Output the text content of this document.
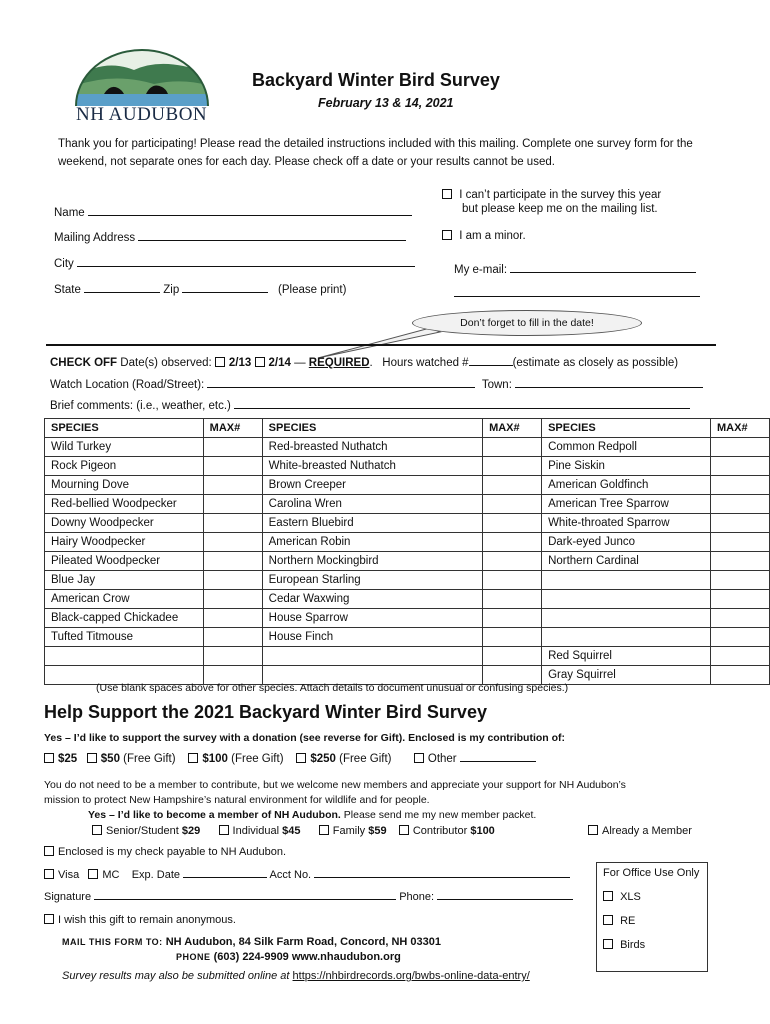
NH AUDUBON
Backyard Winter Bird Survey
February 13 & 14, 2021
Thank you for participating! Please read the detailed instructions included with this mailing. Complete one survey form for the weekend, not separate ones for each day. Please check off a date or your results cannot be used.
Name
Mailing Address
City
State	Zip	(Please print)
I can’t participate in the survey this year
but please keep me on the mailing list.
I am a minor.
My e-mail:
Don’t forget to fill in the date!
CHECK OFF Date(s) observed: 2/13 2/14 — REQUIRED.   Hours watched #	(estimate as closely as possible)
Watch Location (Road/Street):	Town:
Brief comments: (i.e., weather, etc.)
SPECIES	MAX#	SPECIES	MAX#	SPECIES	MAX#
Wild Turkey		Red-breasted Nuthatch		Common Redpoll	
Rock Pigeon		White-breasted Nuthatch		Pine Siskin	
Mourning Dove		Brown Creeper		American Goldfinch	
Red-bellied Woodpecker		Carolina Wren		American Tree Sparrow	
Downy Woodpecker		Eastern Bluebird		White-throated Sparrow	
Hairy Woodpecker		American Robin		Dark-eyed Junco	
Pileated Woodpecker		Northern Mockingbird		Northern Cardinal	
Blue Jay		European Starling			
American Crow		Cedar Waxwing			
Black-capped Chickadee		House Sparrow			
Tufted Titmouse		House Finch			
				Red Squirrel	
				Gray Squirrel	
(Use blank spaces above for other species. Attach details to document unusual or confusing species.)
Help Support the 2021 Backyard Winter Bird Survey
Yes – I’d like to support the survey with a donation (see reverse for Gift). Enclosed is my contribution of:
$25 $50 (Free Gift) $100 (Free Gift) $250 (Free Gift)	Other
You do not need to be a member to contribute, but we welcome new members and appreciate your support for NH Audubon’s
mission to protect New Hampshire’s natural environment for wildlife and for people.
Yes – I’d like to become a member of NH Audubon. Please send me my new member packet.
Senior/Student $29	Individual $45	Family $59 Contributor $100	Already a Member
Enclosed is my check payable to NH Audubon.
Visa MC Exp. Date	Acct No.
Signature	Phone:
I wish this gift to remain anonymous.
For Office Use Only
XLS
RE
Birds
MAIL THIS FORM TO: NH Audubon, 84 Silk Farm Road, Concord, NH 03301
PHONE (603) 224-9909 www.nhaudubon.org
Survey results may also be submitted online at https://nhbirdrecords.org/bwbs-online-data-entry/
